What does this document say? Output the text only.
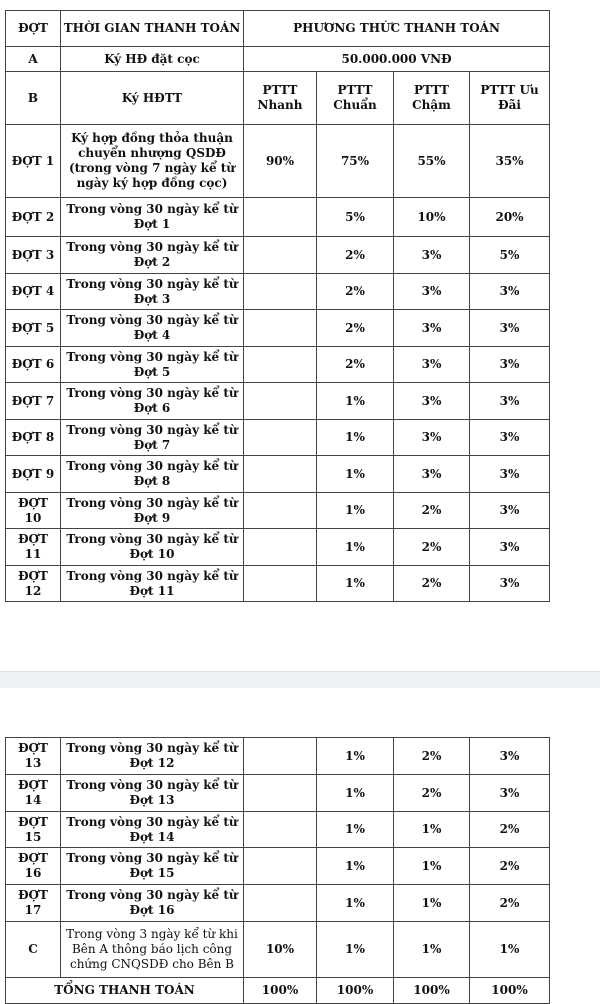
ĐỢT	THỜI GIAN THANH TOÁN	PHƯƠNG THỨC THANH TOÁN			
A	Ký HĐ đặt cọc	50.000.000 VNĐ			
B	Ký HĐTT	PTTT Nhanh	PTTT Chuẩn	PTTT Chậm	PTTT Ưu Đãi
ĐỢT 1	Ký hợp đồng thỏa thuận chuyển nhượng QSDĐ (trong vòng 7 ngày kể từ ngày ký hợp đồng cọc)	90%	75%	55%	35%
ĐỢT 2	Trong vòng 30 ngày kể từ Đợt 1		5%	10%	20%
ĐỢT 3	Trong vòng 30 ngày kể từ Đợt 2		2%	3%	5%
ĐỢT 4	Trong vòng 30 ngày kể từ Đợt 3		2%	3%	3%
ĐỢT 5	Trong vòng 30 ngày kể từ Đợt 4		2%	3%	3%
ĐỢT 6	Trong vòng 30 ngày kể từ Đợt 5		2%	3%	3%
ĐỢT 7	Trong vòng 30 ngày kể từ Đợt 6		1%	3%	3%
ĐỢT 8	Trong vòng 30 ngày kể từ Đợt 7		1%	3%	3%
ĐỢT 9	Trong vòng 30 ngày kể từ Đợt 8		1%	3%	3%
ĐỢT 10	Trong vòng 30 ngày kể từ Đợt 9		1%	2%	3%
ĐỢT 11	Trong vòng 30 ngày kể từ Đợt 10		1%	2%	3%
ĐỢT 12	Trong vòng 30 ngày kể từ Đợt 11		1%	2%	3%
ĐỢT 13	Trong vòng 30 ngày kể từ Đợt 12		1%	2%	3%
ĐỢT 14	Trong vòng 30 ngày kể từ Đợt 13		1%	2%	3%
ĐỢT 15	Trong vòng 30 ngày kể từ Đợt 14		1%	1%	2%
ĐỢT 16	Trong vòng 30 ngày kể từ Đợt 15		1%	1%	2%
ĐỢT 17	Trong vòng 30 ngày kể từ Đợt 16		1%	1%	2%
C	Trong vòng 3 ngày kể từ khi Bên A thông báo lịch công chứng CNQSDĐ cho Bên B	10%	1%	1%	1%
TỔNG THANH TOÁN		100%	100%	100%	100%
